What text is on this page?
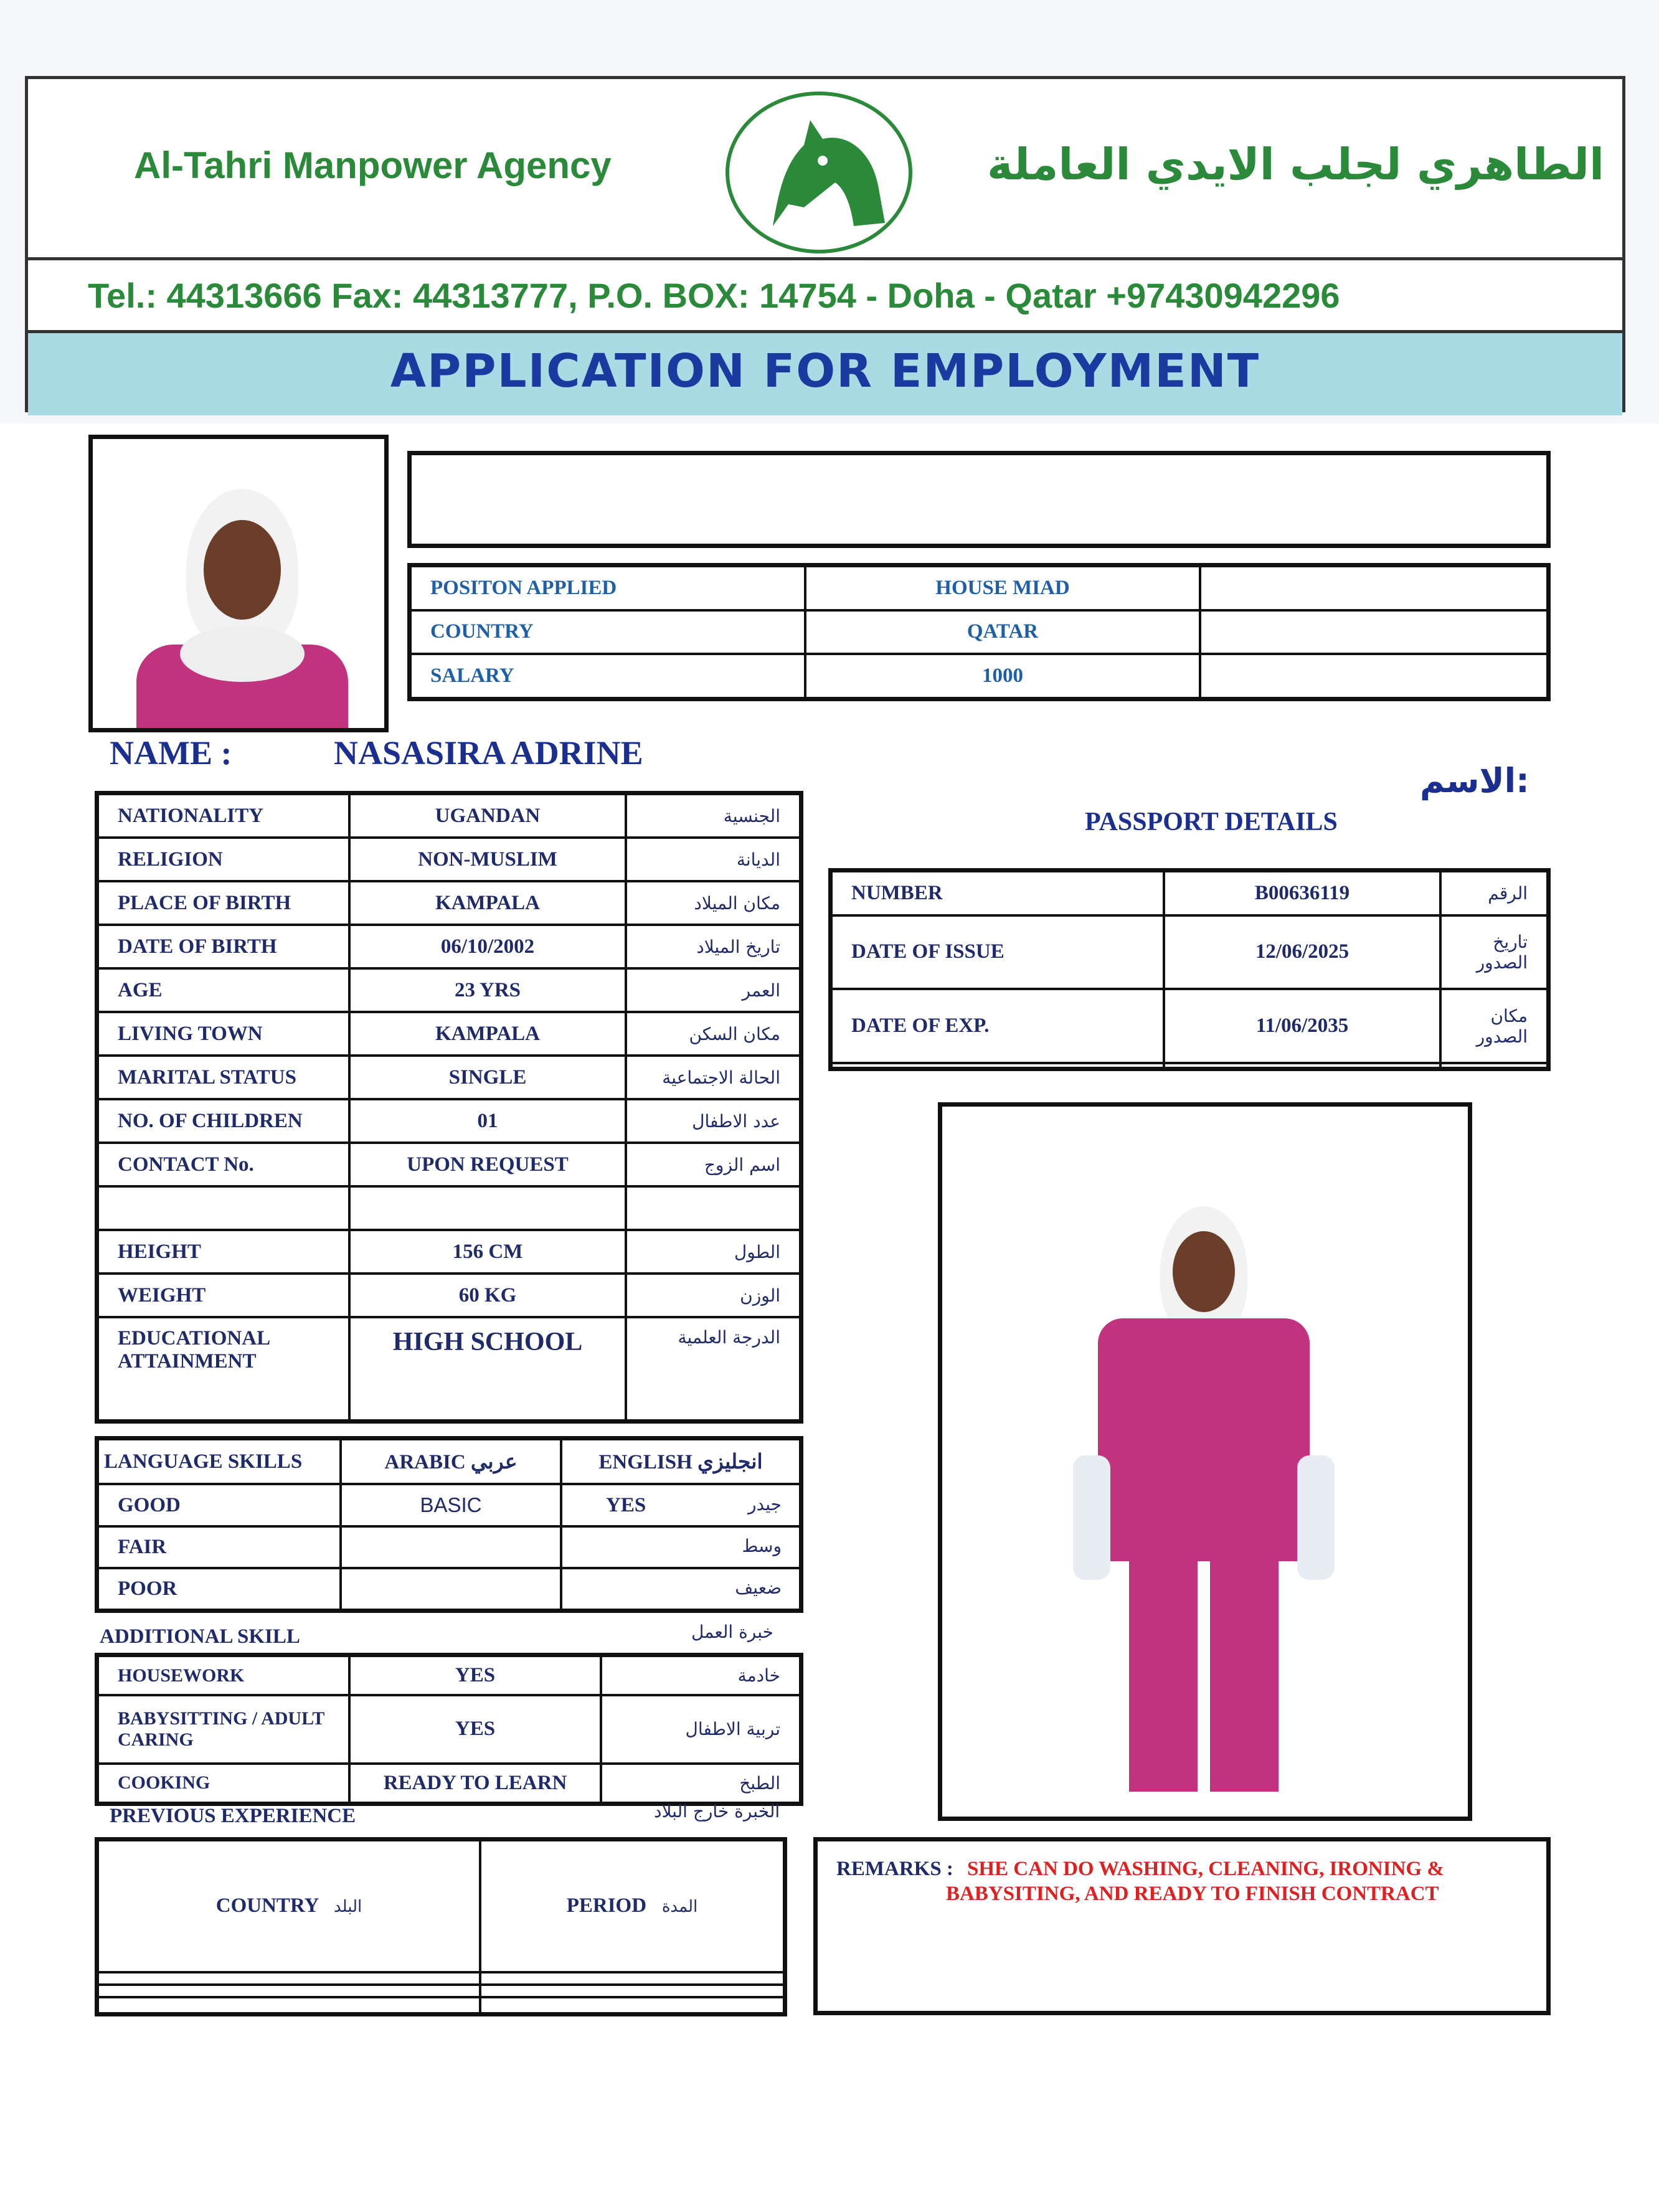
Al-Tahri Manpower Agency	الطاهري لجلب الايدي العاملة
Tel.: 44313666 Fax: 44313777, P.O. BOX: 14754 - Doha - Qatar +97430942296
APPLICATION FOR EMPLOYMENT
POSITON APPLIED	HOUSE MIAD	
COUNTRY	QATAR	
SALARY	1000	
NAME :	NASASIRA ADRINE
الاسم:
NATIONALITY	UGANDAN	الجنسية
RELIGION	NON-MUSLIM	الديانة
PLACE OF BIRTH	KAMPALA	مكان الميلاد
DATE OF BIRTH	06/10/2002	تاريخ الميلاد
AGE	23 YRS	العمر
LIVING TOWN	KAMPALA	مكان السكن
MARITAL STATUS	SINGLE	الحالة الاجتماعية
NO. OF CHILDREN	01	عدد الاطفال
CONTACT No.	UPON REQUEST	اسم الزوج

HEIGHT	156 CM	الطول
WEIGHT	60 KG	الوزن
EDUCATIONAL ATTAINMENT	HIGH SCHOOL	الدرجة العلمية
PASSPORT DETAILS
NUMBER	B00636119	الرقم
DATE OF ISSUE	12/06/2025	تاريخ الصدور
DATE OF EXP.	11/06/2035	مكان الصدور

LANGUAGE SKILLS	ARABIC عربي	ENGLISH انجليزي
GOOD	BASIC	YES جيدر

FAIR		وسط

POOR		ضعيف
ADDITIONAL SKILL	خبرة العمل
HOUSEWORK	YES	خادمة
BABYSITTING / ADULT CARING	YES	تربية الاطفال
COOKING	READY TO LEARN	الطبخ
PREVIOUS EXPERIENCE	الخبرة خارج البلاد
COUNTRY البلد	PERIOD المدة

REMARKS : SHE CAN DO WASHING, CLEANING, IRONING &
BABYSITING, AND READY TO FINISH CONTRACT
